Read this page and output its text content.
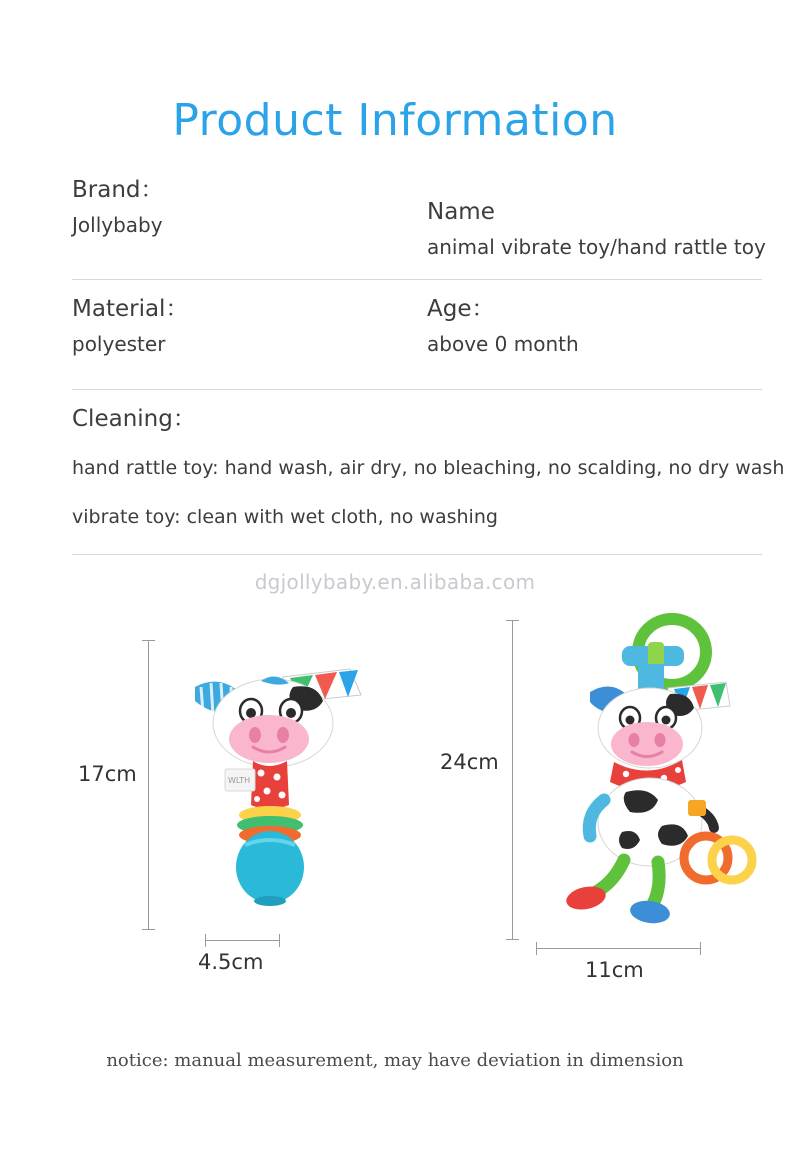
Product Information

Brand：

Jollybaby	Name

animal vibrate toy/hand rattle toy

Material：

polyester

Age：

above 0 month

Cleaning：

hand rattle toy: hand wash, air dry, no bleaching, no scalding, no dry wash

vibrate toy: clean with wet cloth, no washing

dgjollybaby.en.alibaba.com
17cm
4.5cm
WLTH
24cm
11cm
notice: manual measurement, may have deviation in dimension
